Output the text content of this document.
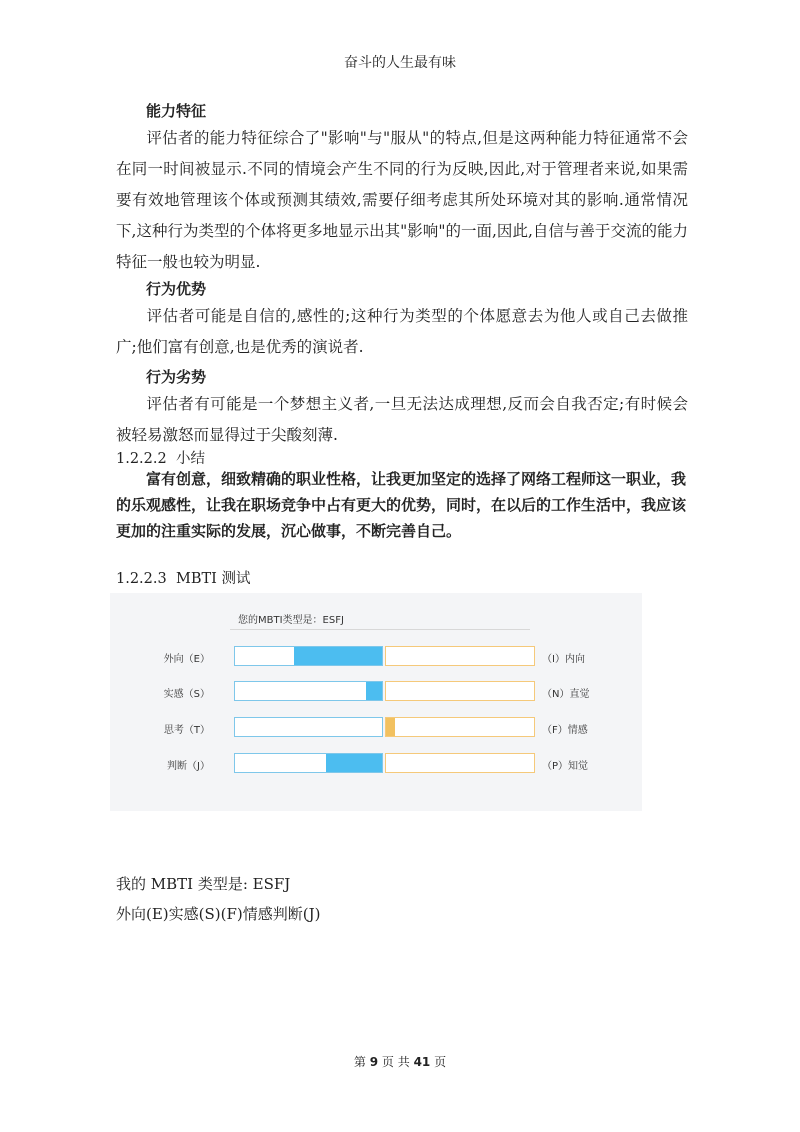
奋斗的人生最有味
能力特征
评估者的能力特征综合了"影响"与"服从"的特点,但是这两种能力特征通常不会在同一时间被显示.不同的情境会产生不同的行为反映,因此,对于管理者来说,如果需要有效地管理该个体或预测其绩效,需要仔细考虑其所处环境对其的影响.通常情况下,这种行为类型的个体将更多地显示出其"影响"的一面,因此,自信与善于交流的能力特征一般也较为明显.
行为优势
评估者可能是自信的,感性的;这种行为类型的个体愿意去为他人或自己去做推广;他们富有创意,也是优秀的演说者.
行为劣势
评估者有可能是一个梦想主义者,一旦无法达成理想,反而会自我否定;有时候会被轻易激怒而显得过于尖酸刻薄.
1.2.2.2 小结
富有创意，细致精确的职业性格，让我更加坚定的选择了网络工程师这一职业，我的乐观感性，让我在职场竞争中占有更大的优势，同时，在以后的工作生活中，我应该更加的注重实际的发展，沉心做事，不断完善自己。
1.2.2.3 MBTI 测试
您的MBTI类型是：ESFJ
外向（E）	（I）内向
实感（S）	（N）直觉
思考（T）	（F）情感
判断（J）	（P）知觉
我的 MBTI 类型是: ESFJ
外向(E)实感(S)(F)情感判断(J)
第 9 页 共 41 页
